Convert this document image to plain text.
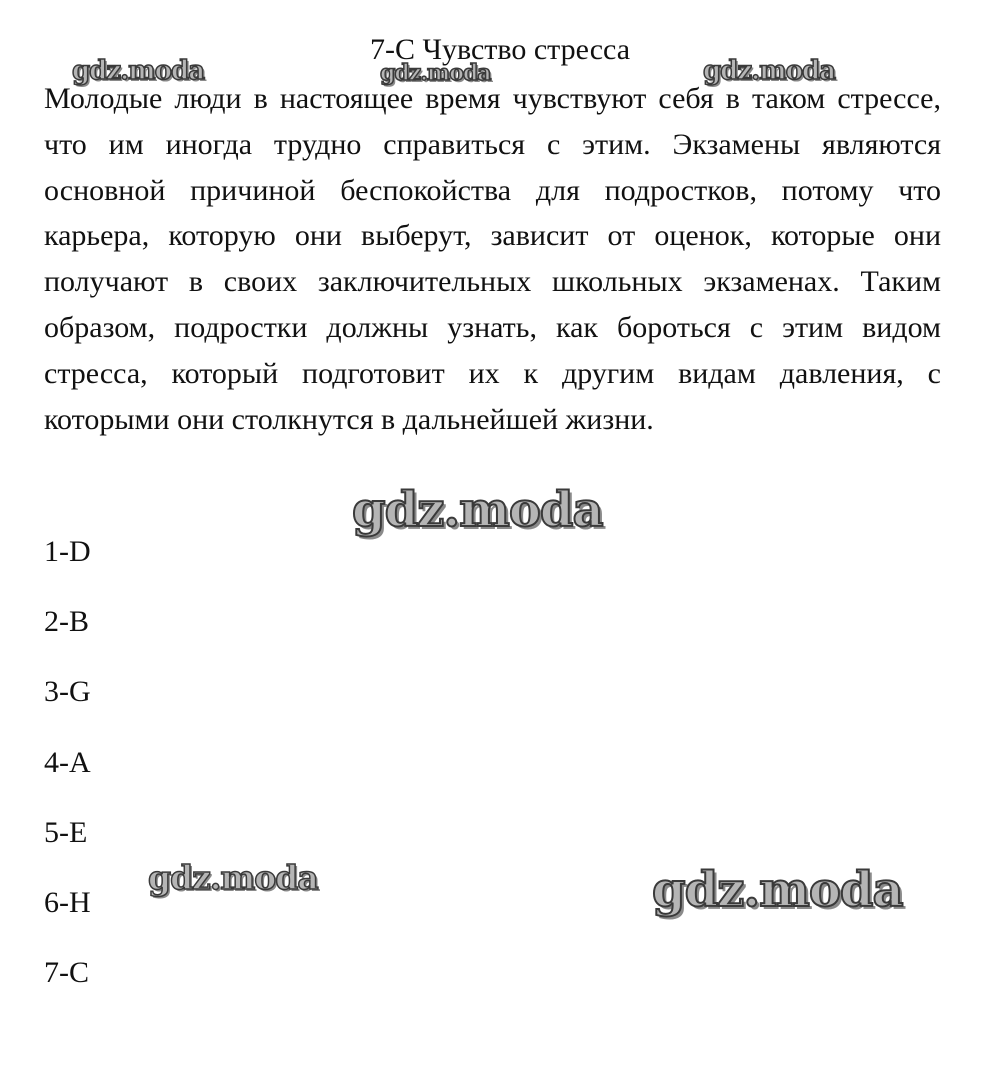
gdz.moda	gdz.moda	gdz.moda
7-С Чувство стресса

Молодые люди в настоящее время чувствуют себя в таком стрессе, что им иногда трудно справиться с этим. Экзамены являются основной причиной беспокойства для подростков, потому что карьера, которую они выберут, зависит от оценок, которые они получают в своих заключительных школьных экзаменах. Таким образом, подростки должны узнать, как бороться с этим видом стресса, который подготовит их к другим видам давления, с которыми они столкнутся в дальнейшей жизни.

gdz.moda
1-D
2-B
3-G
4-A
5-E
6-H
7-C
gdz.moda	gdz.moda
